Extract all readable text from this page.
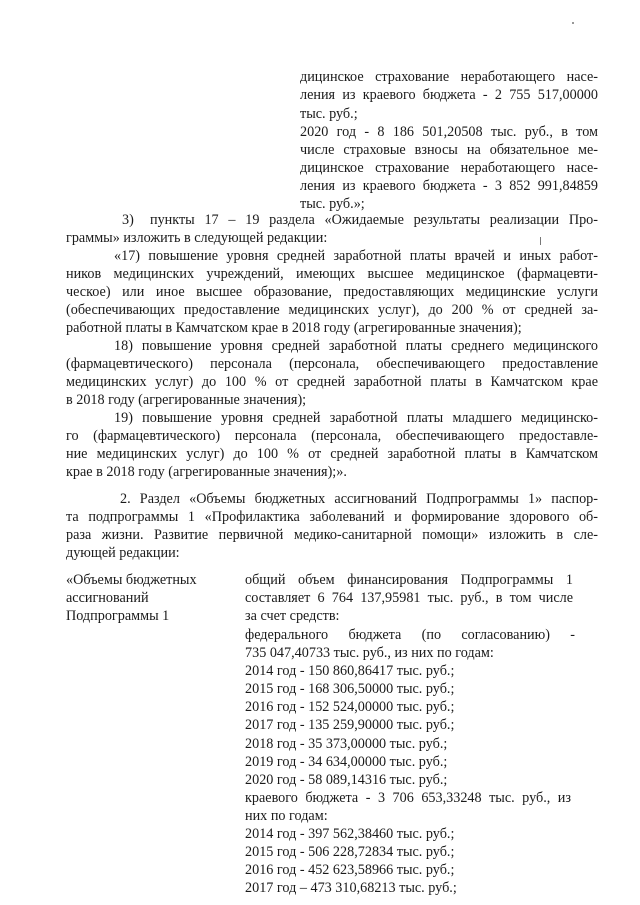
дицинское страхование неработающего насе-
ления из краевого бюджета - 2 755 517,00000
тыс. руб.;
2020 год - 8 186 501,20508 тыс. руб., в том
числе страховые взносы на обязательное ме-
дицинское страхование неработающего насе-
ления из краевого бюджета - 3 852 991,84859
тыс. руб.»;
3) пункты 17 – 19 раздела «Ожидаемые результаты реализации Про-
граммы» изложить в следующей редакции:
«17) повышение уровня средней заработной платы врачей и иных работ-
ников медицинских учреждений, имеющих высшее медицинское (фармацевти-
ческое) или иное высшее образование, предоставляющих медицинские услуги
(обеспечивающих предоставление медицинских услуг), до 200 % от средней за-
работной платы в Камчатском крае в 2018 году (агрегированные значения);
18) повышение уровня средней заработной платы среднего медицинского
(фармацевтического) персонала (персонала, обеспечивающего предоставление
медицинских услуг) до 100 % от средней заработной платы в Камчатском крае
в 2018 году (агрегированные значения);
19) повышение уровня средней заработной платы младшего медицинско-
го (фармацевтического) персонала (персонала, обеспечивающего предоставле-
ние медицинских услуг) до 100 % от средней заработной платы в Камчатском
крае в 2018 году (агрегированные значения);».
2. Раздел «Объемы бюджетных ассигнований Подпрограммы 1» паспор-
та подпрограммы 1 «Профилактика заболеваний и формирование здорового об-
раза жизни. Развитие первичной медико-санитарной помощи» изложить в сле-
дующей редакции:
«Объемы бюджетных
ассигнований
Подпрограммы 1
общий объем финансирования Подпрограммы 1
составляет 6 764 137,95981 тыс. руб., в том числе
за счет средств:
федерального бюджета (по согласованию) -
735 047,40733 тыс. руб., из них по годам:
2014 год - 150 860,86417 тыс. руб.;
2015 год - 168 306,50000 тыс. руб.;
2016 год - 152 524,00000 тыс. руб.;
2017 год - 135 259,90000 тыс. руб.;
2018 год - 35 373,00000 тыс. руб.;
2019 год - 34 634,00000 тыс. руб.;
2020 год - 58 089,14316 тыс. руб.;
краевого бюджета - 3 706 653,33248 тыс. руб., из
них по годам:
2014 год - 397 562,38460 тыс. руб.;
2015 год - 506 228,72834 тыс. руб.;
2016 год - 452 623,58966 тыс. руб.;
2017 год – 473 310,68213 тыс. руб.;
